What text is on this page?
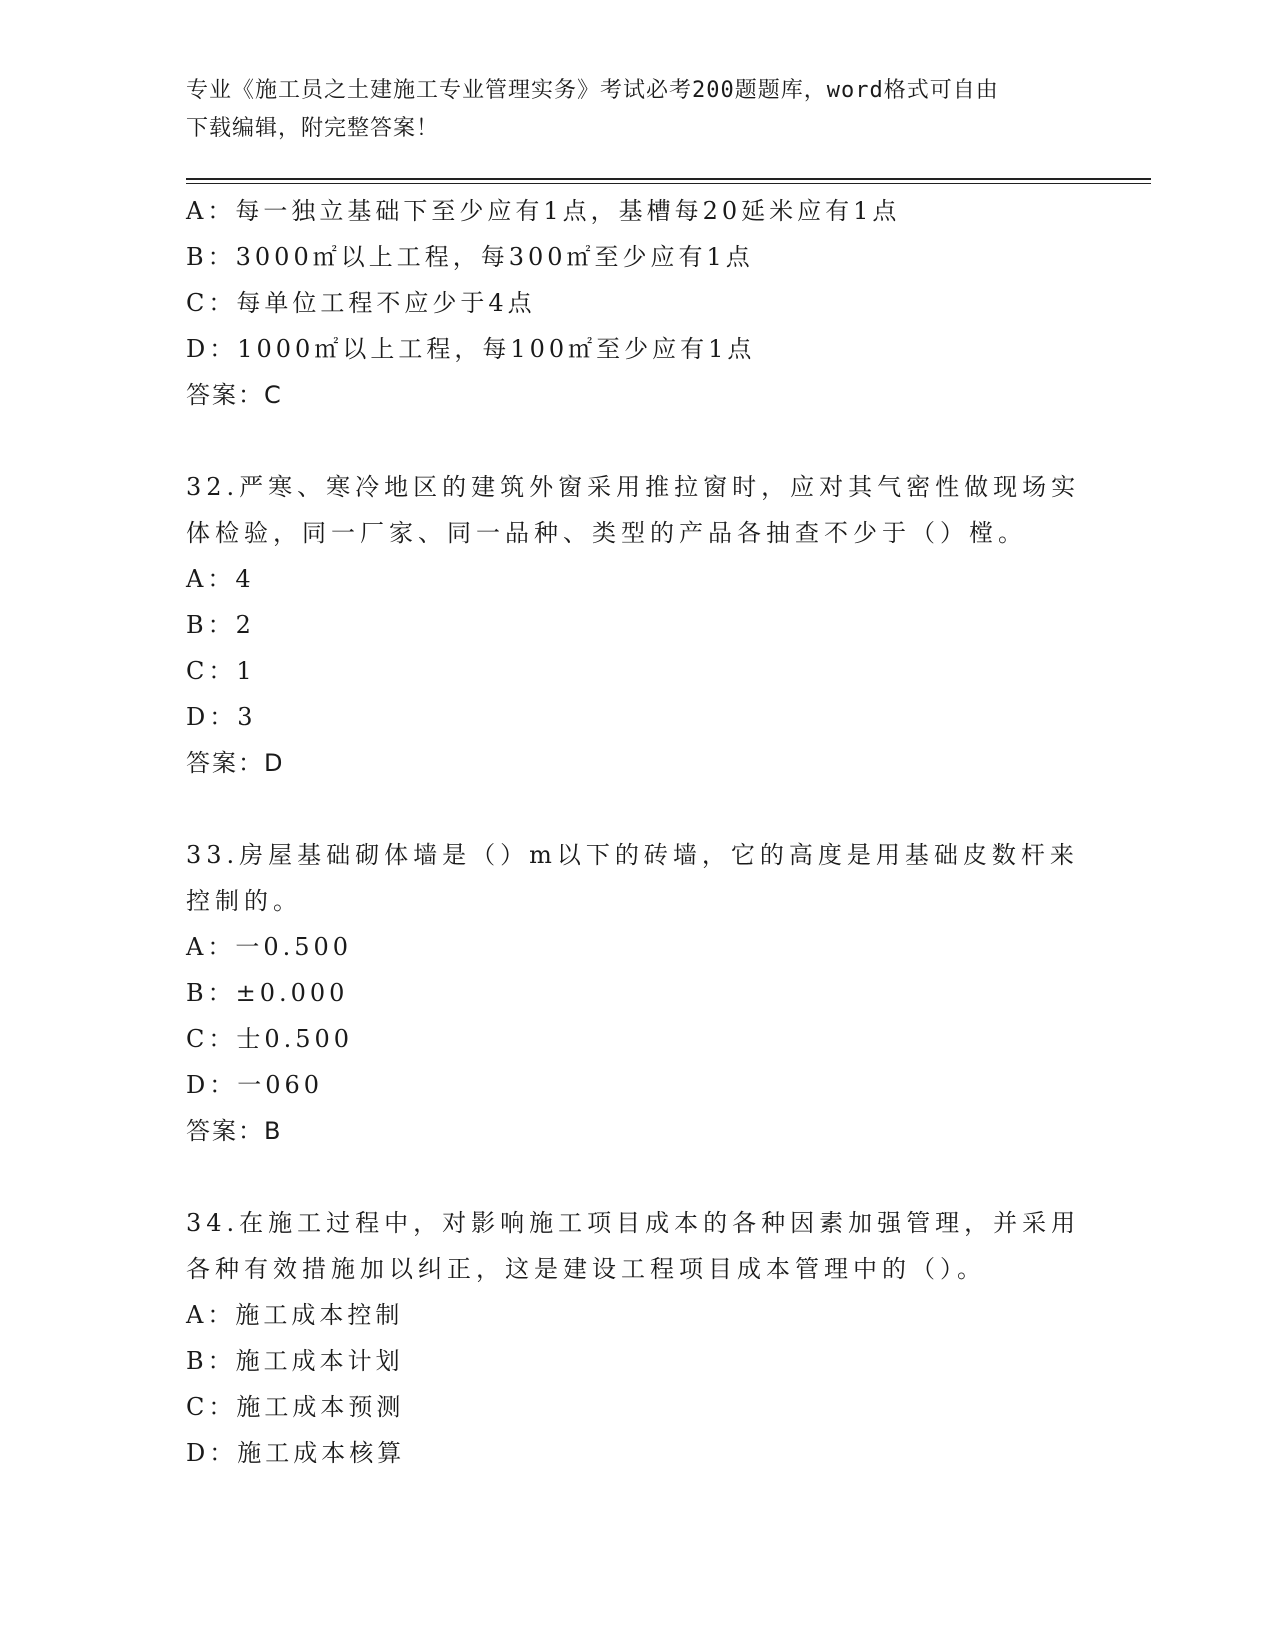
专业《施工员之土建施工专业管理实务》考试必考200题题库，word格式可自由
下载编辑，附完整答案！
A：每一独立基础下至少应有1点，基槽每20延米应有1点
B：3000㎡以上工程，每300㎡至少应有1点
C：每单位工程不应少于4点
D：1000㎡以上工程，每100㎡至少应有1点
答案：C
32.严寒、寒冷地区的建筑外窗采用推拉窗时，应对其气密性做现场实
体检验，同一厂家、同一品种、类型的产品各抽查不少于（）樘。
A：4
B：2
C：1
D：3
答案：D
33.房屋基础砌体墙是（）m以下的砖墙，它的高度是用基础皮数杆来
控制的。
A：一0.500
B：±0.000
C：士0.500
D：一060
答案：B
34.在施工过程中，对影响施工项目成本的各种因素加强管理，并采用
各种有效措施加以纠正，这是建设工程项目成本管理中的（）。
A：施工成本控制
B：施工成本计划
C：施工成本预测
D：施工成本核算
